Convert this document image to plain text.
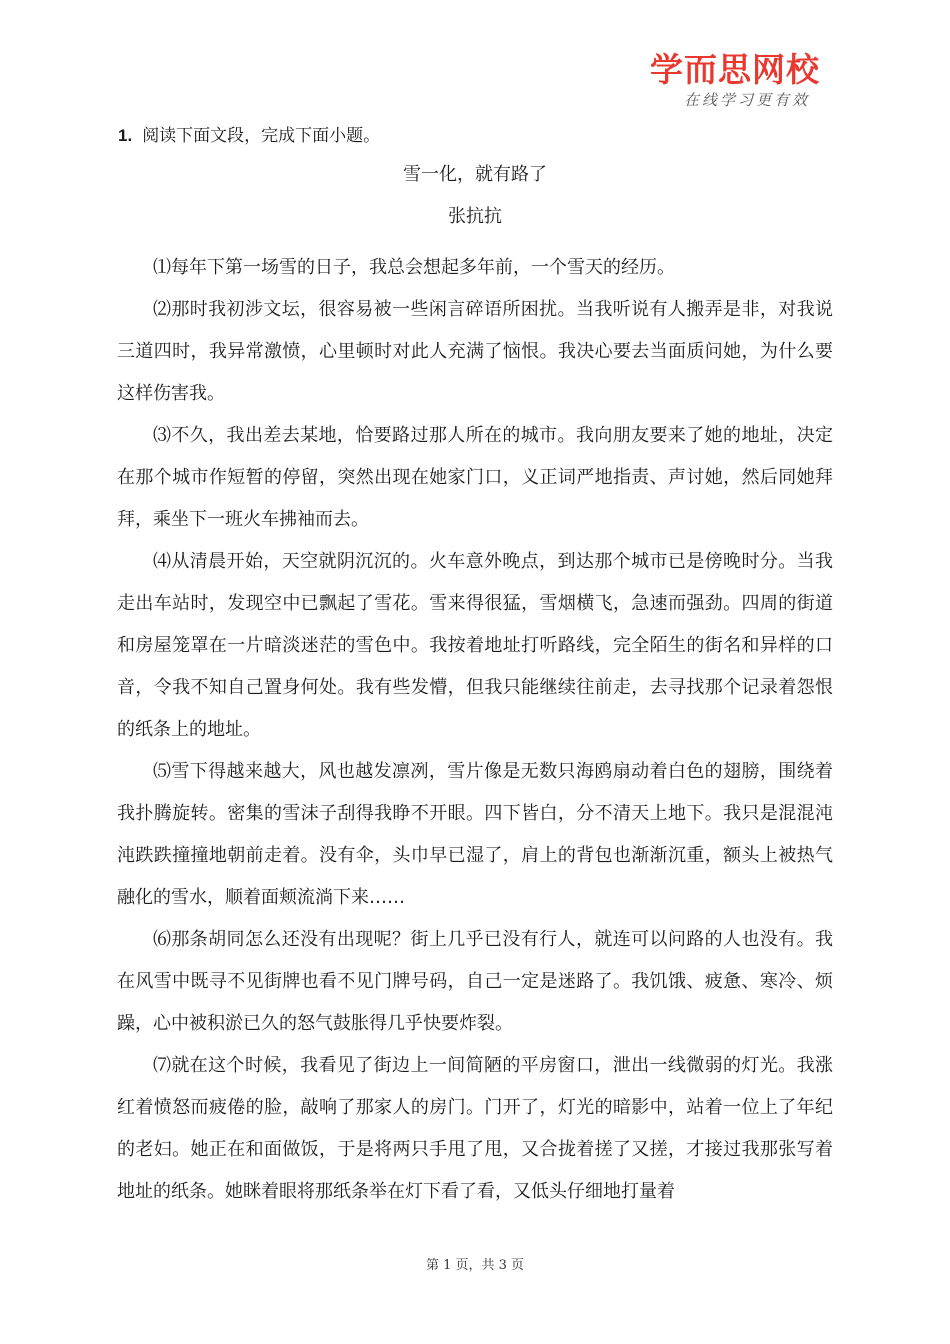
学而思网校
在线学习更有效
1. 阅读下面文段，完成下面小题。
雪一化，就有路了
张抗抗

⑴每年下第一场雪的日子，我总会想起多年前，一个雪天的经历。

⑵那时我初涉文坛，很容易被一些闲言碎语所困扰。当我听说有人搬弄是非，对我说三道四时，我异常激愤，心里顿时对此人充满了恼恨。我决心要去当面质问她，为什么要这样伤害我。

⑶不久，我出差去某地，恰要路过那人所在的城市。我向朋友要来了她的地址，决定在那个城市作短暂的停留，突然出现在她家门口，义正词严地指责、声讨她，然后同她拜拜，乘坐下一班火车拂袖而去。

⑷从清晨开始，天空就阴沉沉的。火车意外晚点，到达那个城市已是傍晚时分。当我走出车站时，发现空中已飘起了雪花。雪来得很猛，雪烟横飞，急速而强劲。四周的街道和房屋笼罩在一片暗淡迷茫的雪色中。我按着地址打听路线，完全陌生的街名和异样的口音，令我不知自己置身何处。我有些发懵，但我只能继续往前走，去寻找那个记录着怨恨的纸条上的地址。

⑸雪下得越来越大，风也越发凛冽，雪片像是无数只海鸥扇动着白色的翅膀，围绕着我扑腾旋转。密集的雪沫子刮得我睁不开眼。四下皆白，分不清天上地下。我只是混混沌沌跌跌撞撞地朝前走着。没有伞，头巾早已湿了，肩上的背包也渐渐沉重，额头上被热气融化的雪水，顺着面颊流淌下来……

⑹那条胡同怎么还没有出现呢？街上几乎已没有行人，就连可以问路的人也没有。我在风雪中既寻不见街牌也看不见门牌号码，自己一定是迷路了。我饥饿、疲惫、寒冷、烦躁，心中被积淤已久的怒气鼓胀得几乎快要炸裂。

⑺就在这个时候，我看见了街边上一间简陋的平房窗口，泄出一线微弱的灯光。我涨红着愤怒而疲倦的脸，敲响了那家人的房门。门开了，灯光的暗影中，站着一位上了年纪的老妇。她正在和面做饭，于是将两只手甩了甩，又合拢着搓了又搓，才接过我那张写着地址的纸条。她眯着眼将那纸条举在灯下看了看，又低头仔细地打量着

第 1 页，共 3 页
